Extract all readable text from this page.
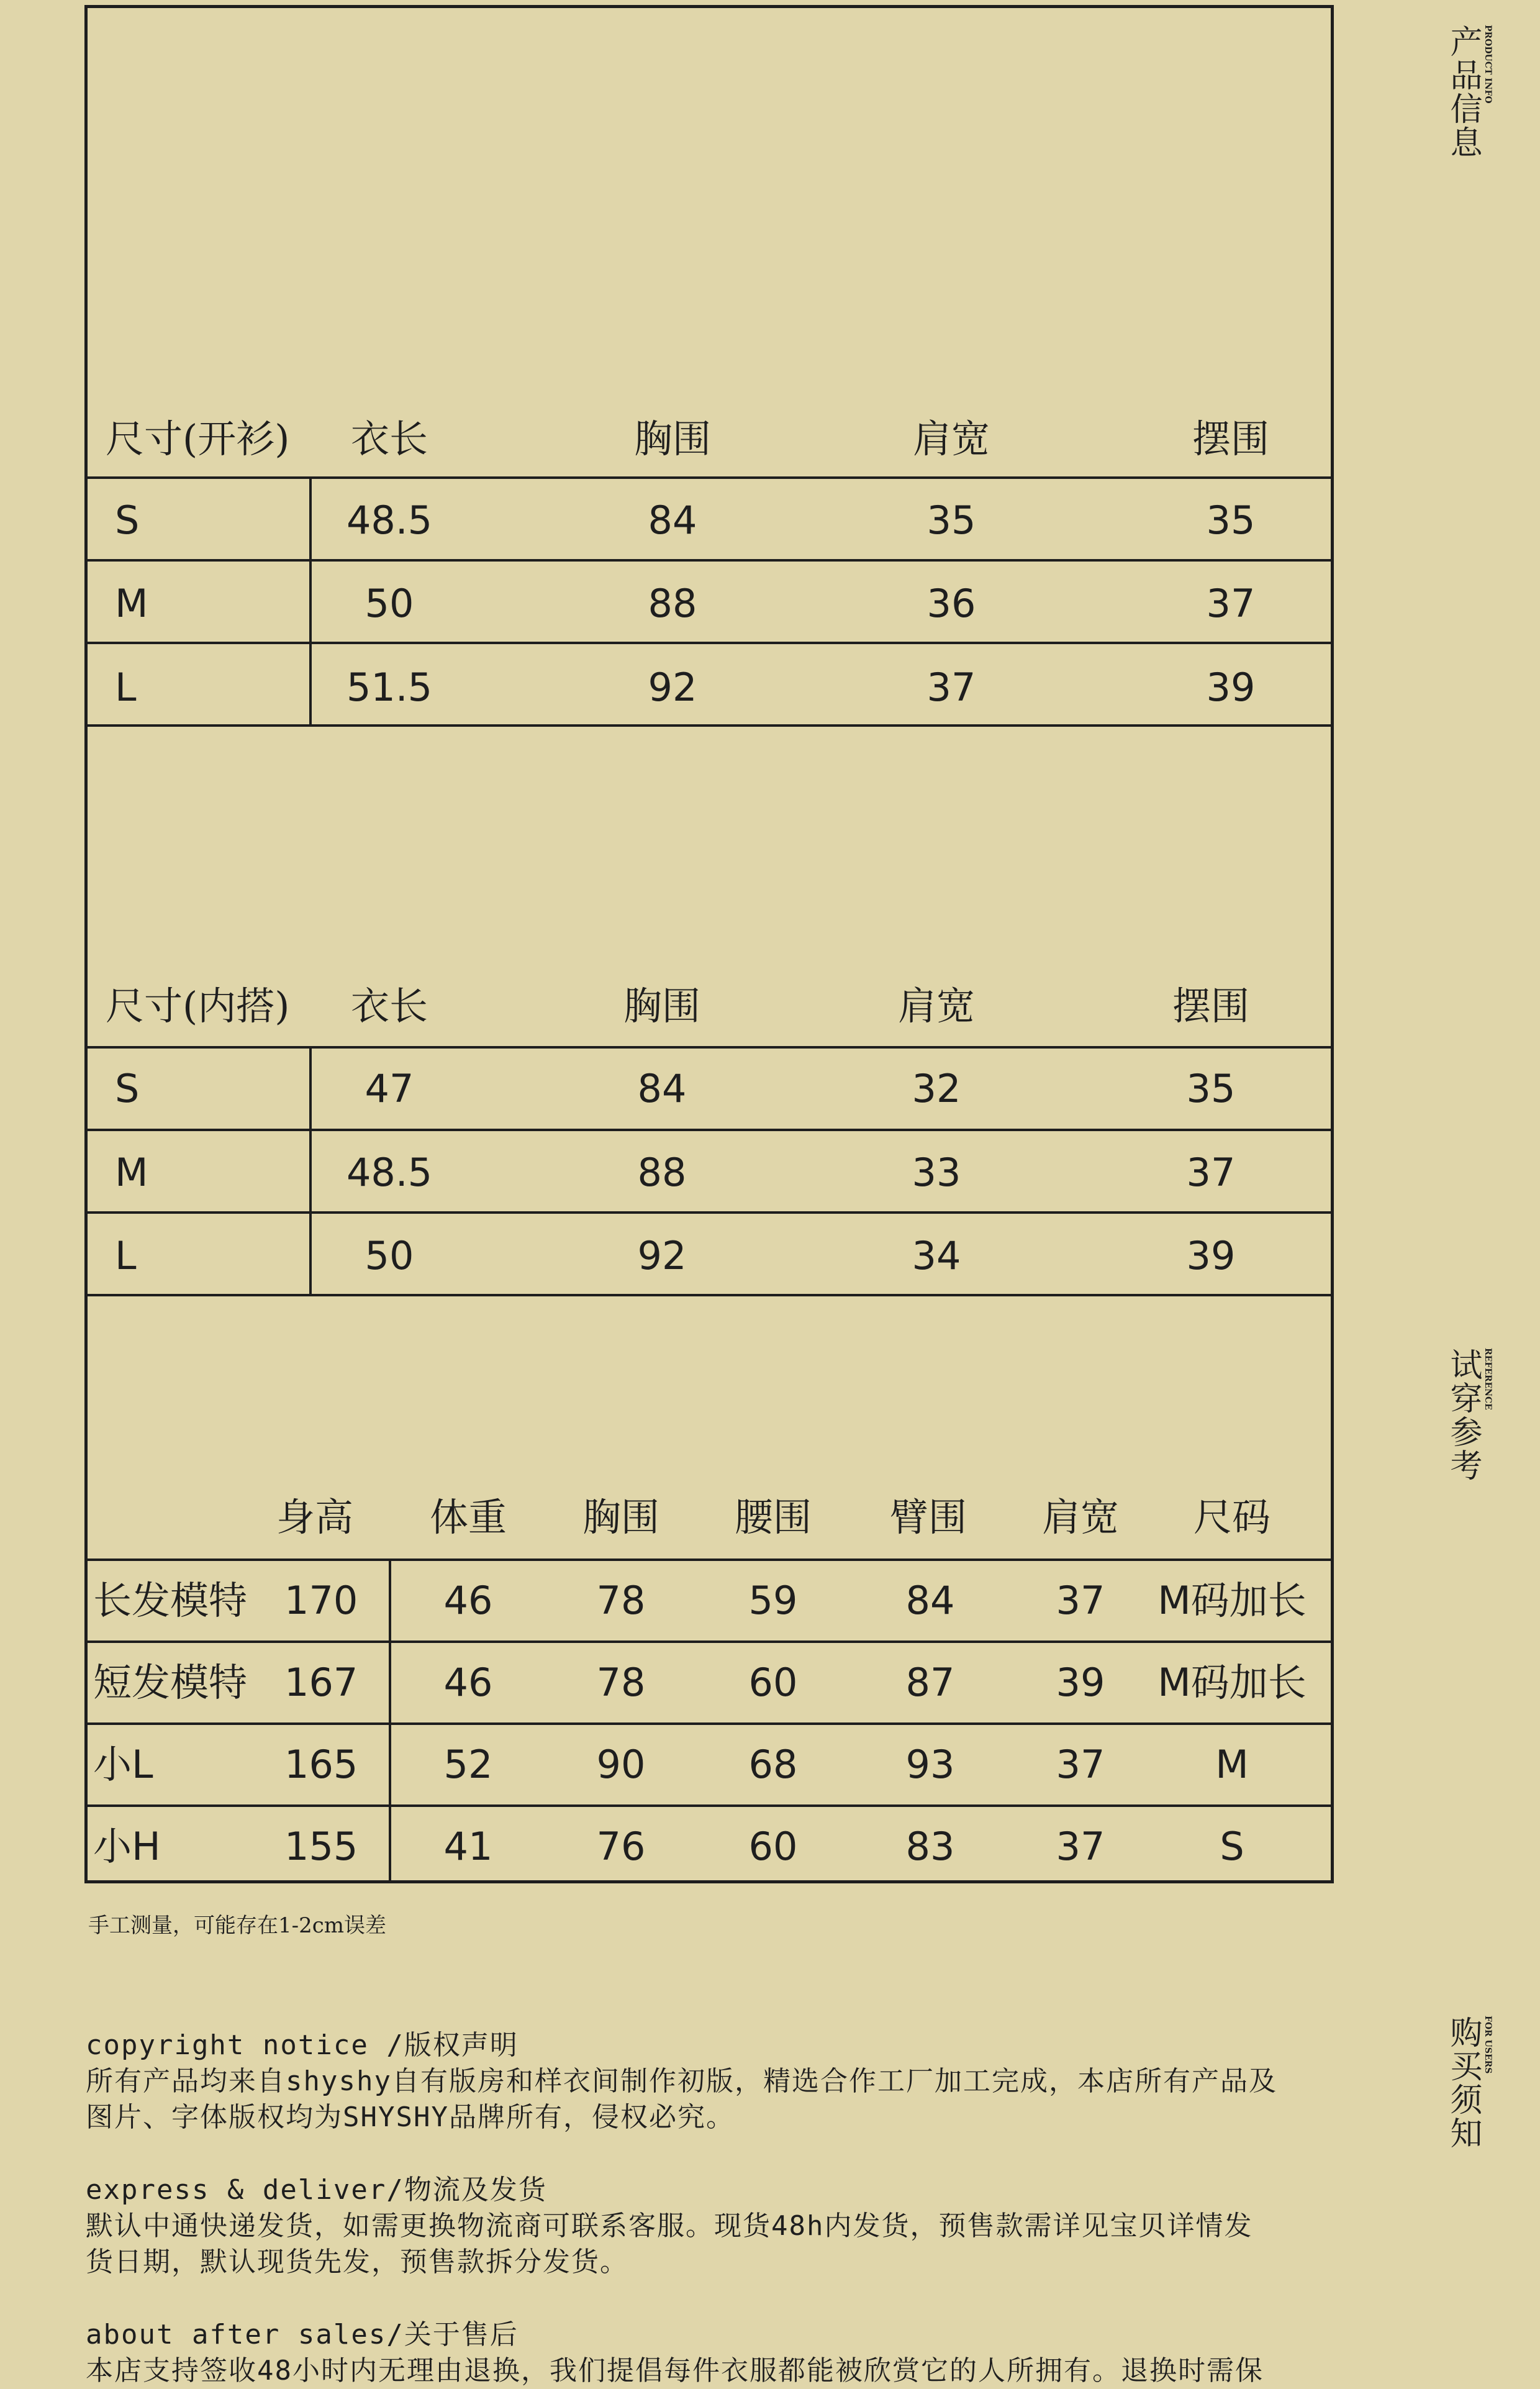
尺寸(开衫) 衣长	胸围	肩宽	摆围
S	48.5	84	35	35
M	50	88	36	37
L	51.5	92	37	39
尺寸(内搭) 衣长	胸围	肩宽	摆围
S	47	84	32	35
M	48.5	88	33	37
L	50	92	34	39
身高 体重 胸围 腰围 臂围 肩宽 尺码
长发模特 170 46	78	59	84	37 M码加长
短发模特 167 46	78	60	87	39 M码加长
小L	165 52	90	68	93	37	M
小H	155 41	76	60	83	37	S
产品信息 PRODUCT INFO
试穿参考 REFERENCE
购买须知 FOR USERS
手工测量，可能存在1-2cm误差
copyright notice /版权声明
所有产品均来自shyshy自有版房和样衣间制作初版，精选合作工厂加工完成，本店所有产品及
图片、字体版权均为SHYSHY品牌所有，侵权必究。
express & deliver/物流及发货
默认中通快递发货，如需更换物流商可联系客服。现货48h内发货，预售款需详见宝贝详情发
货日期，默认现货先发，预售款拆分发货。
about after sales/关于售后
本店支持签收48小时内无理由退换，我们提倡每件衣服都能被欣赏它的人所拥有。退换时需保
